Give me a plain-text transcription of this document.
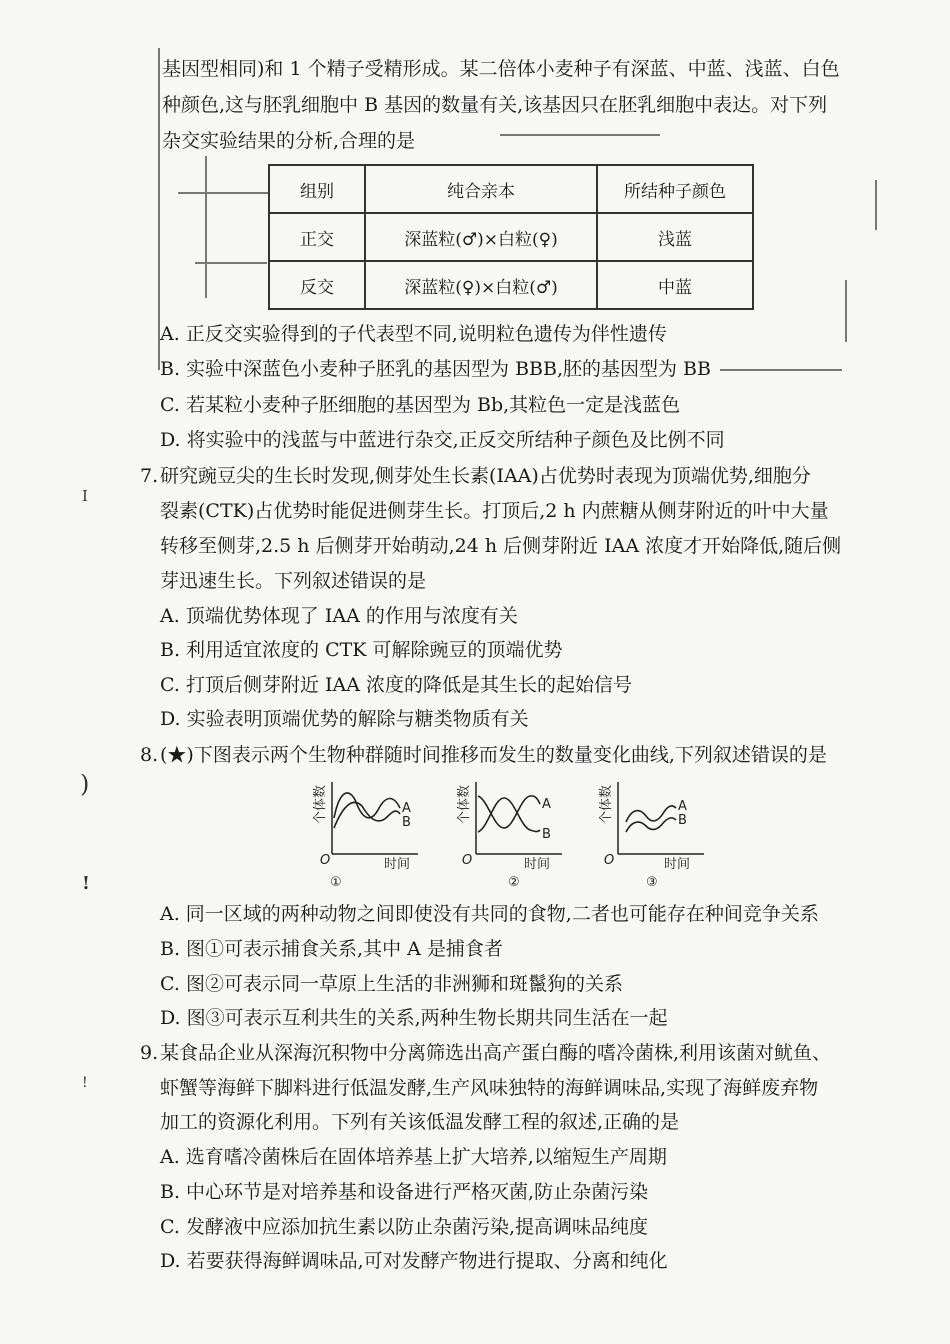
I
)
!
!
基因型相同)和 1 个精子受精形成。某二倍体小麦种子有深蓝、中蓝、浅蓝、白色
种颜色,这与胚乳细胞中 B 基因的数量有关,该基因只在胚乳细胞中表达。对下列
杂交实验结果的分析,合理的是
组别	纯合亲本	所结种子颜色
正交	深蓝粒(♂)×白粒(♀)	浅蓝
反交	深蓝粒(♀)×白粒(♂)	中蓝
A. 正反交实验得到的子代表型不同,说明粒色遗传为伴性遗传
B. 实验中深蓝色小麦种子胚乳的基因型为 BBB,胚的基因型为 BB
C. 若某粒小麦种子胚细胞的基因型为 Bb,其粒色一定是浅蓝色
D. 将实验中的浅蓝与中蓝进行杂交,正反交所结种子颜色及比例不同
7. 研究豌豆尖的生长时发现,侧芽处生长素(IAA)占优势时表现为顶端优势,细胞分
裂素(CTK)占优势时能促进侧芽生长。打顶后,2 h 内蔗糖从侧芽附近的叶中大量
转移至侧芽,2.5 h 后侧芽开始萌动,24 h 后侧芽附近 IAA 浓度才开始降低,随后侧
芽迅速生长。下列叙述错误的是
A. 顶端优势体现了 IAA 的作用与浓度有关
B. 利用适宜浓度的 CTK 可解除豌豆的顶端优势
C. 打顶后侧芽附近 IAA 浓度的降低是其生长的起始信号
D. 实验表明顶端优势的解除与糖类物质有关
8. (★)下图表示两个生物种群随时间推移而发生的数量变化曲线,下列叙述错误的是
个体数	A
B
O	时间
①
个体数	A
B
O	时间
②
个体数	A
B
O	时间
③
A. 同一区域的两种动物之间即使没有共同的食物,二者也可能存在种间竞争关系
B. 图①可表示捕食关系,其中 A 是捕食者
C. 图②可表示同一草原上生活的非洲狮和斑鬣狗的关系
D. 图③可表示互利共生的关系,两种生物长期共同生活在一起
9. 某食品企业从深海沉积物中分离筛选出高产蛋白酶的嗜冷菌株,利用该菌对鱿鱼、
虾蟹等海鲜下脚料进行低温发酵,生产风味独特的海鲜调味品,实现了海鲜废弃物
加工的资源化利用。下列有关该低温发酵工程的叙述,正确的是
A. 选育嗜冷菌株后在固体培养基上扩大培养,以缩短生产周期
B. 中心环节是对培养基和设备进行严格灭菌,防止杂菌污染
C. 发酵液中应添加抗生素以防止杂菌污染,提高调味品纯度
D. 若要获得海鲜调味品,可对发酵产物进行提取、分离和纯化
